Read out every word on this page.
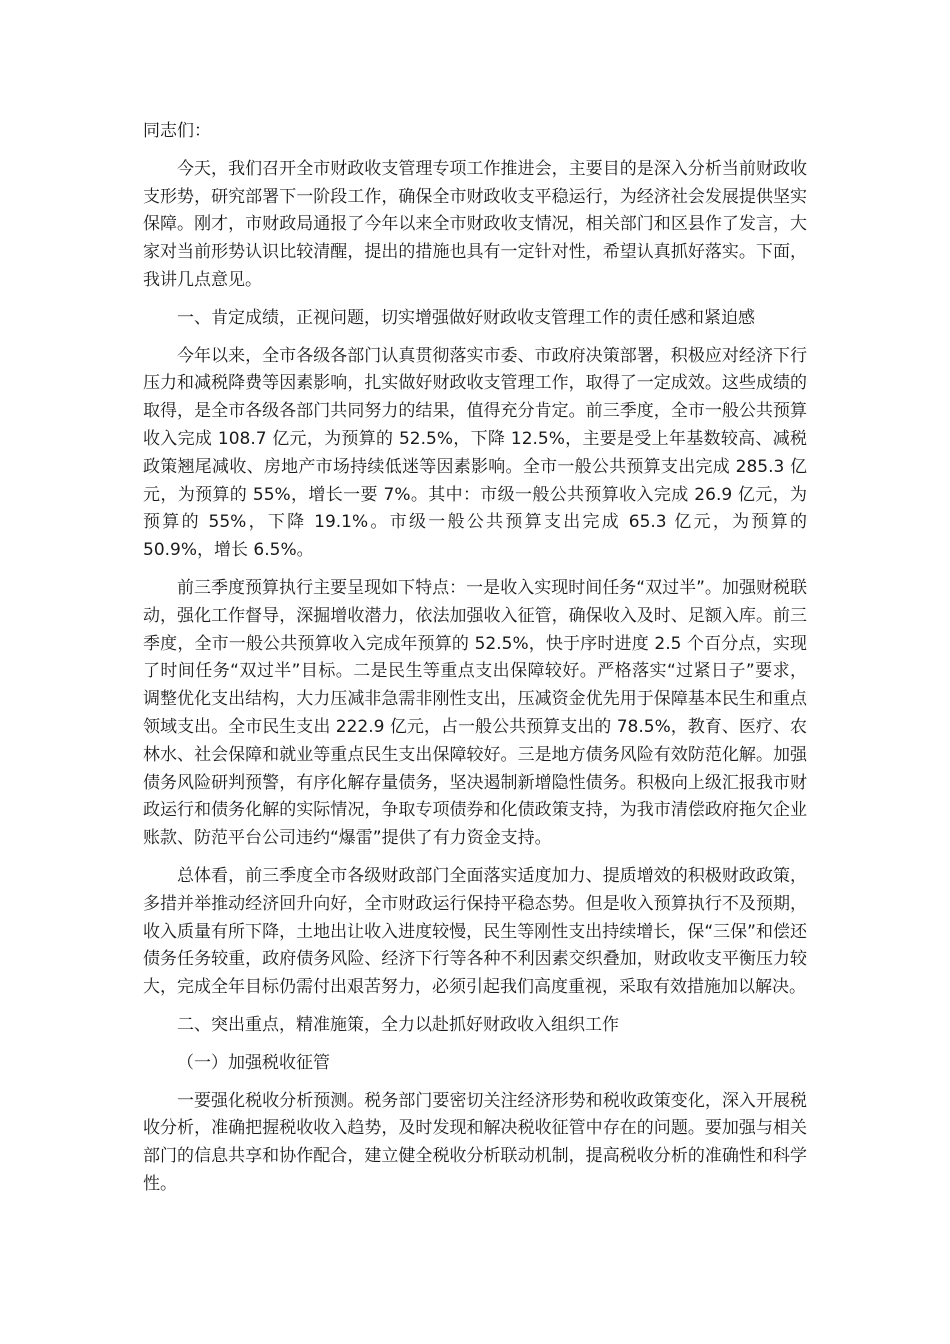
同志们：

今天，我们召开全市财政收支管理专项工作推进会，主要目的是深入分析当前财政收支形势，研究部署下一阶段工作，确保全市财政收支平稳运行，为经济社会发展提供坚实保障。刚才，市财政局通报了今年以来全市财政收支情况，相关部门和区县作了发言，大家对当前形势认识比较清醒，提出的措施也具有一定针对性，希望认真抓好落实。下面，我讲几点意见。

一、肯定成绩，正视问题，切实增强做好财政收支管理工作的责任感和紧迫感

今年以来，全市各级各部门认真贯彻落实市委、市政府决策部署，积极应对经济下行压力和减税降费等因素影响，扎实做好财政收支管理工作，取得了一定成效。这些成绩的取得，是全市各级各部门共同努力的结果，值得充分肯定。前三季度，全市一般公共预算收入完成 108.7 亿元，为预算的 52.5%，下降 12.5%，主要是受上年基数较高、减税政策翘尾减收、房地产市场持续低迷等因素影响。全市一般公共预算支出完成 285.3 亿元，为预算的 55%，增长一要 7%。其中：市级一般公共预算收入完成 26.9 亿元，为预算的 55%，下降 19.1%。市级一般公共预算支出完成 65.3 亿元，为预算的 50.9%，增长 6.5%。

前三季度预算执行主要呈现如下特点：一是收入实现时间任务“双过半”。加强财税联动，强化工作督导，深掘增收潜力，依法加强收入征管，确保收入及时、足额入库。前三季度，全市一般公共预算收入完成年预算的 52.5%，快于序时进度 2.5 个百分点，实现了时间任务“双过半”目标。二是民生等重点支出保障较好。严格落实“过紧日子”要求，调整优化支出结构，大力压减非急需非刚性支出，压减资金优先用于保障基本民生和重点领域支出。全市民生支出 222.9 亿元，占一般公共预算支出的 78.5%，教育、医疗、农林水、社会保障和就业等重点民生支出保障较好。三是地方债务风险有效防范化解。加强债务风险研判预警，有序化解存量债务，坚决遏制新增隐性债务。积极向上级汇报我市财政运行和债务化解的实际情况，争取专项债券和化债政策支持，为我市清偿政府拖欠企业账款、防范平台公司违约“爆雷”提供了有力资金支持。

总体看，前三季度全市各级财政部门全面落实适度加力、提质增效的积极财政政策，多措并举推动经济回升向好，全市财政运行保持平稳态势。但是收入预算执行不及预期，收入质量有所下降，土地出让收入进度较慢，民生等刚性支出持续增长，保“三保”和偿还债务任务较重，政府债务风险、经济下行等各种不利因素交织叠加，财政收支平衡压力较大，完成全年目标仍需付出艰苦努力，必须引起我们高度重视，采取有效措施加以解决。

二、突出重点，精准施策，全力以赴抓好财政收入组织工作

（一）加强税收征管

一要强化税收分析预测。税务部门要密切关注经济形势和税收政策变化，深入开展税收分析，准确把握税收收入趋势，及时发现和解决税收征管中存在的问题。要加强与相关部门的信息共享和协作配合，建立健全税收分析联动机制，提高税收分析的准确性和科学性。
